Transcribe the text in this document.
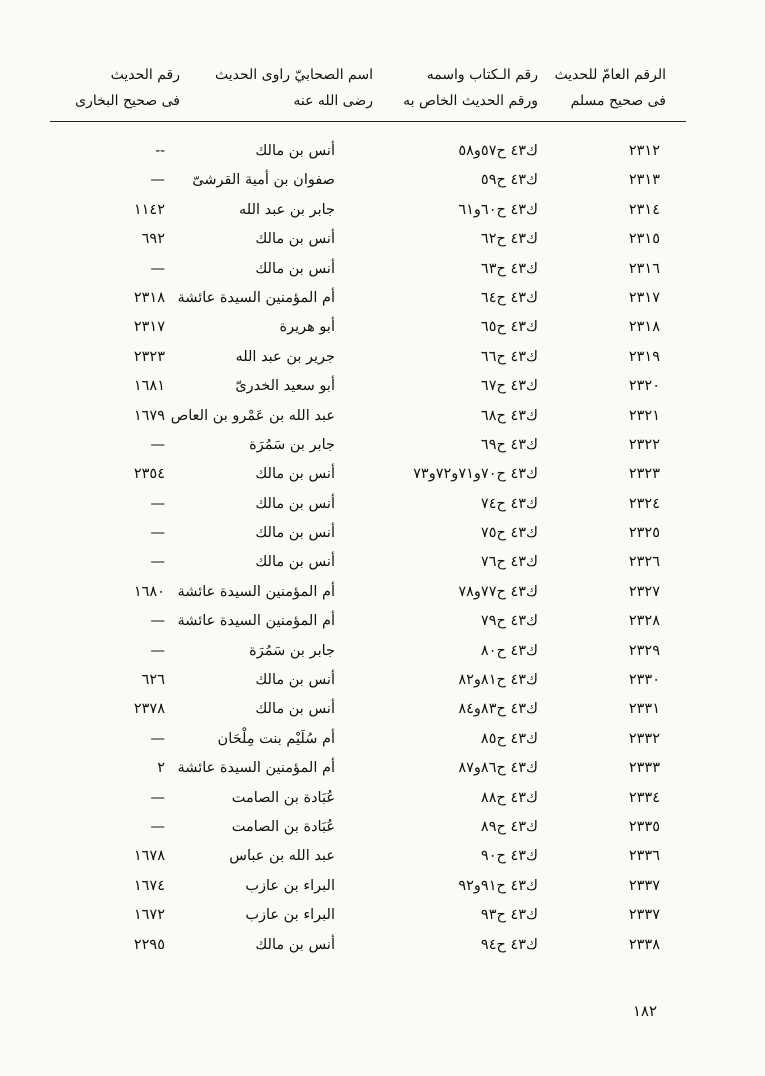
الرقم العامّ للحديث
فى صحيح مسلم
رقم الـكتاب واسمه
ورقم الحديث الخاص به
اسم الصحابيّ راوى الحديث
رضى الله عنه
رقم الحديث
فى صحيح البخارى
٢٣١٢
ك٤٣ ح٥٧و٥٨
أنس بن مالك
--
٢٣١٣
ك٤٣ ح٥٩
صفوان بن أمية القرشىّ
—
٢٣١٤
ك٤٣ ح٦٠و٦١
جابر بن عبد الله
١١٤٢
٢٣١٥
ك٤٣ ح٦٢
أنس بن مالك
٦٩٢
٢٣١٦
ك٤٣ ح٦٣
أنس بن مالك
—
٢٣١٧
ك٤٣ ح٦٤
أم المؤمنين السيدة عائشة
٢٣١٨
٢٣١٨
ك٤٣ ح٦٥
أبو هريرة
٢٣١٧
٢٣١٩
ك٤٣ ح٦٦
جرير بن عبد الله
٢٣٢٣
٢٣٢٠
ك٤٣ ح٦٧
أبو سعيد الخدرىّ
١٦٨١
٢٣٢١
ك٤٣ ح٦٨
عبد الله بن عَمْرو بن العاص
١٦٧٩
٢٣٢٢
ك٤٣ ح٦٩
جابر بن سَمُرَة
—
٢٣٢٣
ك٤٣ ح٧٠و٧١و٧٢و٧٣
أنس بن مالك
٢٣٥٤
٢٣٢٤
ك٤٣ ح٧٤
أنس بن مالك
—
٢٣٢٥
ك٤٣ ح٧٥
أنس بن مالك
—
٢٣٢٦
ك٤٣ ح٧٦
أنس بن مالك
—
٢٣٢٧
ك٤٣ ح٧٧و٧٨
أم المؤمنين السيدة عائشة
١٦٨٠
٢٣٢٨
ك٤٣ ح٧٩
أم المؤمنين السيدة عائشة
—
٢٣٢٩
ك٤٣ ح٨٠
جابر بن سَمُرَة
—
٢٣٣٠
ك٤٣ ح٨١و٨٢
أنس بن مالك
٦٢٦
٢٣٣١
ك٤٣ ح٨٣و٨٤
أنس بن مالك
٢٣٧٨
٢٣٣٢
ك٤٣ ح٨٥
أم سُلَيْم بنت مِلْحَان
—
٢٣٣٣
ك٤٣ ح٨٦و٨٧
أم المؤمنين السيدة عائشة
٢
٢٣٣٤
ك٤٣ ح٨٨
عُبَادة بن الصامت
—
٢٣٣٥
ك٤٣ ح٨٩
عُبَادة بن الصامت
—
٢٣٣٦
ك٤٣ ح٩٠
عبد الله بن عباس
١٦٧٨
٢٣٣٧
ك٤٣ ح٩١و٩٢
البراء بن عازب
١٦٧٤
٢٣٣٧
ك٤٣ ح٩٣
البراء بن عازب
١٦٧٢
٢٣٣٨
ك٤٣ ح٩٤
أنس بن مالك
٢٢٩٥
١٨٢
